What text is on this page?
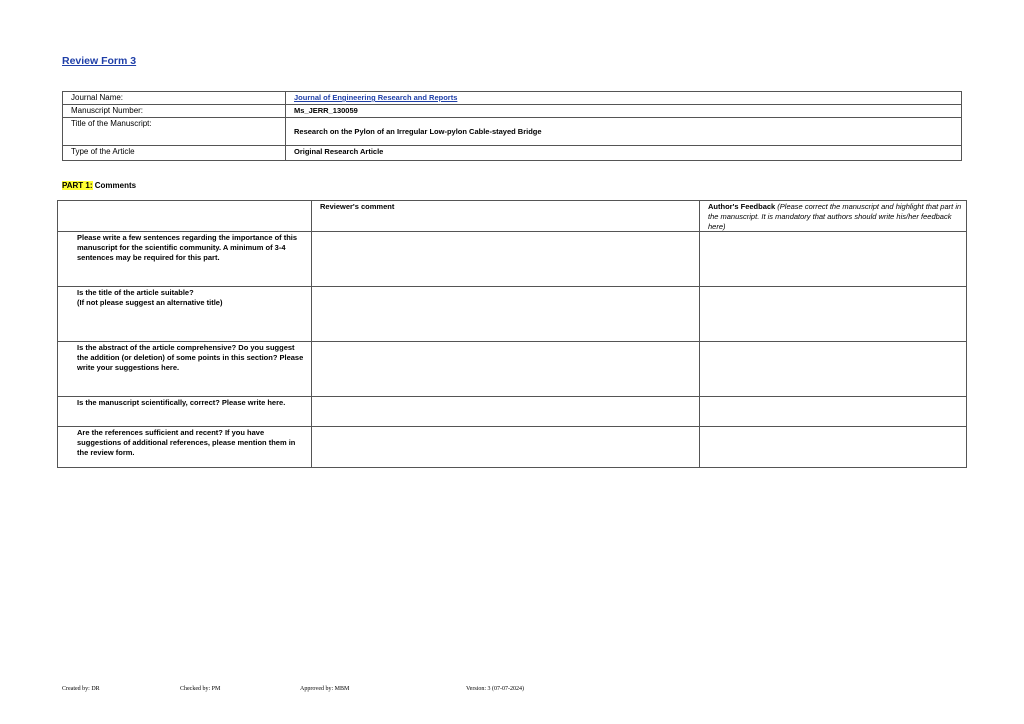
Review Form 3
Journal Name:	Journal of Engineering Research and Reports
Manuscript Number:	Ms_JERR_130059
Title of the Manuscript:	Research on the Pylon of an Irregular Low-pylon Cable-stayed Bridge
Type of the Article	Original Research Article
PART 1: Comments
	Reviewer's comment	Author's Feedback (Please correct the manuscript and highlight that part in the manuscript. It is mandatory that authors should write his/her feedback here)
Please write a few sentences regarding the importance of this manuscript for the scientific community. A minimum of 3-4 sentences may be required for this part.		
Is the title of the article suitable?
(If not please suggest an alternative title)		
Is the abstract of the article comprehensive? Do you suggest the addition (or deletion) of some points in this section? Please write your suggestions here.		
Is the manuscript scientifically, correct? Please write here.		
Are the references sufficient and recent? If you have suggestions of additional references, please mention them in the review form.		
Created by: DR	Checked by: PM	Approved by: MBM	Version: 3 (07-07-2024)
